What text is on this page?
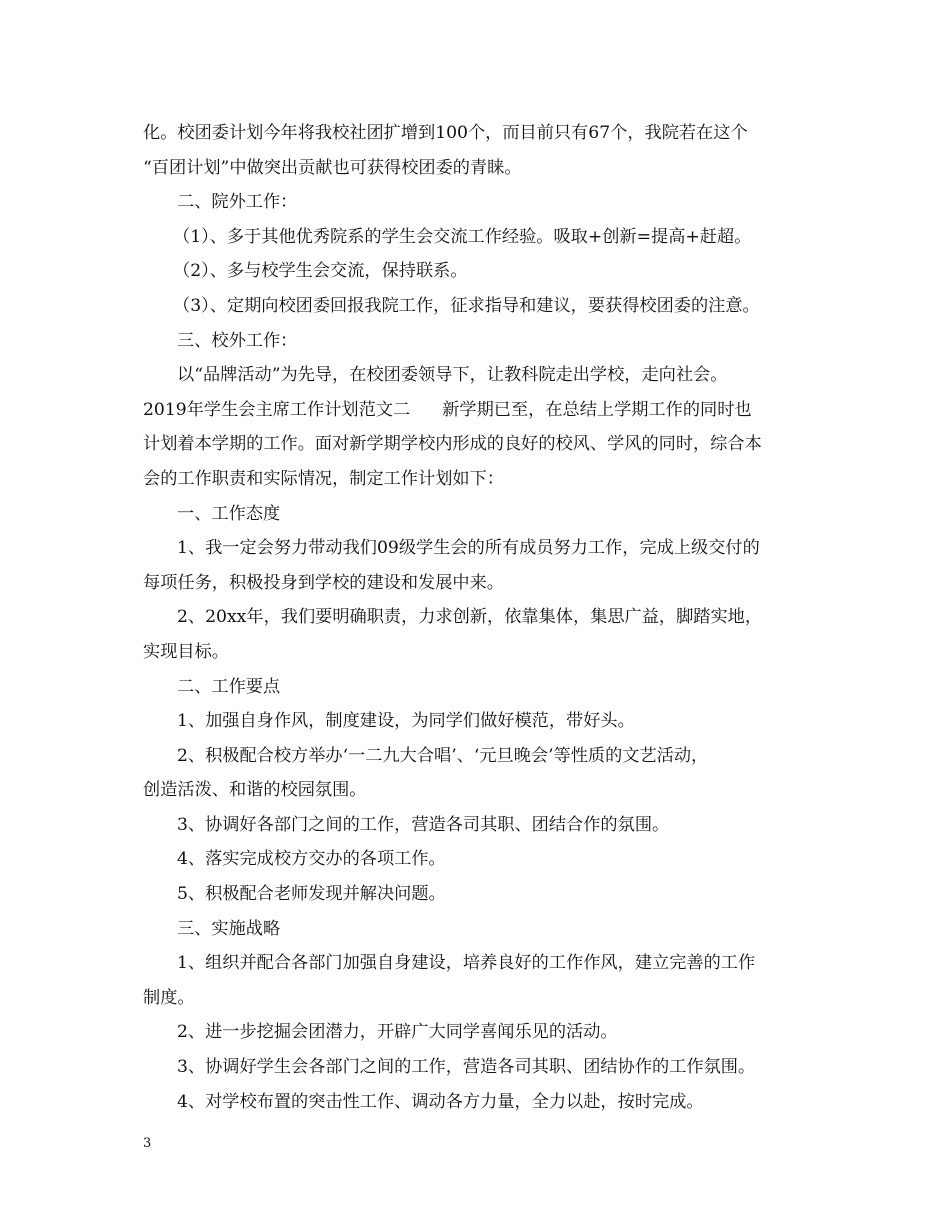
化。校团委计划今年将我校社团扩增到100个，而目前只有67个，我院若在这个
“百团计划”中做突出贡献也可获得校团委的青睐。
二、院外工作：
（1）、多于其他优秀院系的学生会交流工作经验。吸取+创新=提高+赶超。
（2）、多与校学生会交流，保持联系。
（3）、定期向校团委回报我院工作，征求指导和建议，要获得校团委的注意。
三、校外工作：
以“品牌活动”为先导，在校团委领导下，让教科院走出学校，走向社会。
2019年学生会主席工作计划范文二 新学期已至，在总结上学期工作的同时也
计划着本学期的工作。面对新学期学校内形成的良好的校风、学风的同时，综合本
会的工作职责和实际情况，制定工作计划如下：
一、工作态度
1、我一定会努力带动我们09级学生会的所有成员努力工作，完成上级交付的
每项任务，积极投身到学校的建设和发展中来。
2、20xx年，我们要明确职责，力求创新，依靠集体，集思广益，脚踏实地，
实现目标。
二、工作要点
1、加强自身作风，制度建设，为同学们做好模范，带好头。
2、积极配合校方举办‘一二九大合唱’、‘元旦晚会’等性质的文艺活动，
创造活泼、和谐的校园氛围。
3、协调好各部门之间的工作，营造各司其职、团结合作的氛围。
4、落实完成校方交办的各项工作。
5、积极配合老师发现并解决问题。
三、实施战略
1、组织并配合各部门加强自身建设，培养良好的工作作风，建立完善的工作
制度。
2、进一步挖掘会团潜力，开辟广大同学喜闻乐见的活动。
3、协调好学生会各部门之间的工作，营造各司其职、团结协作的工作氛围。
4、对学校布置的突击性工作、调动各方力量，全力以赴，按时完成。
3
